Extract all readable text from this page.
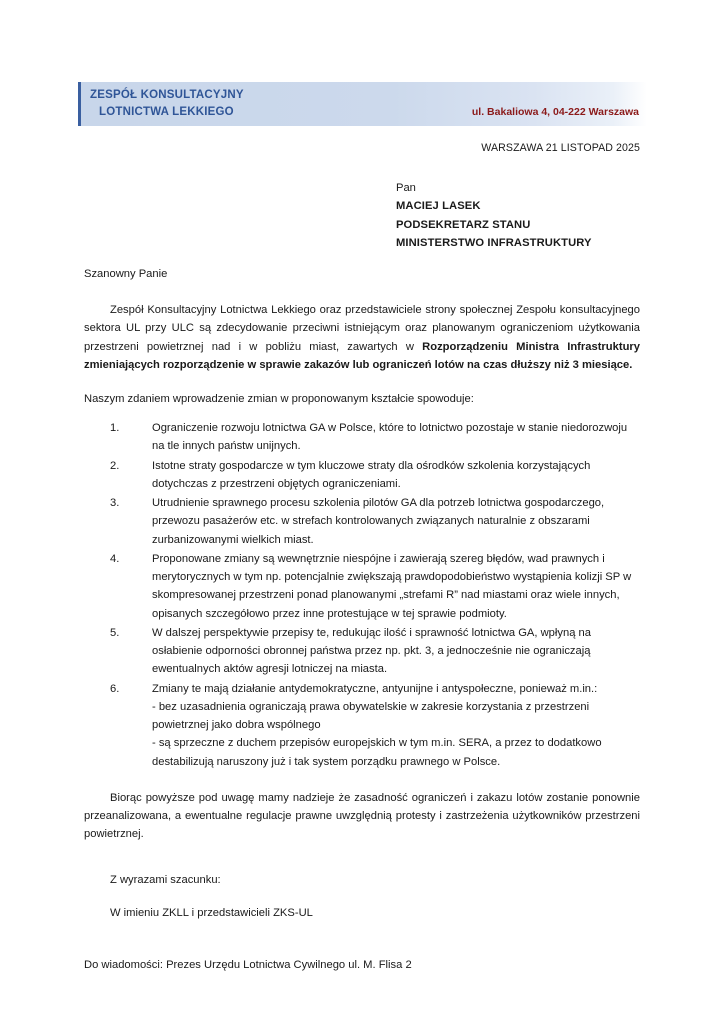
ZESPÓŁ KONSULTACYJNY
LOTNICTWA LEKKIEGO	ul. Bakaliowa 4, 04-222 Warszawa
WARSZAWA 21 LISTOPAD 2025
Pan
MACIEJ LASEK
PODSEKRETARZ STANU
MINISTERSTWO INFRASTRUKTURY
Szanowny Panie

Zespół Konsultacyjny Lotnictwa Lekkiego oraz przedstawiciele strony społecznej Zespołu konsultacyjnego sektora UL przy ULC są zdecydowanie przeciwni istniejącym oraz planowanym ograniczeniom użytkowania przestrzeni powietrznej nad i w pobliżu miast, zawartych w Rozporządzeniu Ministra Infrastruktury zmieniających rozporządzenie w sprawie zakazów lub ograniczeń lotów na czas dłuższy niż 3 miesiące.

Naszym zdaniem wprowadzenie zmian w proponowanym kształcie spowoduje:

Ograniczenie rozwoju lotnictwa GA w Polsce, które to lotnictwo pozostaje w stanie niedorozwoju na tle innych państw unijnych.
Istotne straty gospodarcze w tym kluczowe straty dla ośrodków szkolenia korzystających dotychczas z przestrzeni objętych ograniczeniami.
Utrudnienie sprawnego procesu szkolenia pilotów GA dla potrzeb lotnictwa gospodarczego, przewozu pasażerów etc. w strefach kontrolowanych związanych naturalnie z obszarami zurbanizowanymi wielkich miast.
Proponowane zmiany są wewnętrznie niespójne i zawierają szereg błędów, wad prawnych i merytorycznych w tym np. potencjalnie zwiększają prawdopodobieństwo wystąpienia kolizji SP w skompresowanej przestrzeni ponad planowanymi „strefami R” nad miastami oraz wiele innych, opisanych szczegółowo przez inne protestujące w tej sprawie podmioty.
W dalszej perspektywie przepisy te, redukując ilość i sprawność lotnictwa GA, wpłyną na osłabienie odporności obronnej państwa przez np. pkt. 3, a jednocześnie nie ograniczają ewentualnych aktów agresji lotniczej na miasta.
Zmiany te mają działanie antydemokratyczne, antyunijne i antyspołeczne, ponieważ m.in.:
- bez uzasadnienia ograniczają prawa obywatelskie w zakresie korzystania z przestrzeni powietrznej jako dobra wspólnego
- są sprzeczne z duchem przepisów europejskich w tym m.in. SERA, a przez to dodatkowo destabilizują naruszony już i tak system porządku prawnego w Polsce.

Biorąc powyższe pod uwagę mamy nadzieje że zasadność ograniczeń i zakazu lotów zostanie ponownie przeanalizowana, a ewentualne regulacje prawne uwzględnią protesty i zastrzeżenia użytkowników przestrzeni powietrznej.

Z wyrazami szacunku:
W imieniu ZKLL i przedstawicieli ZKS-UL
Do wiadomości: Prezes Urzędu Lotnictwa Cywilnego ul. M. Flisa 2
